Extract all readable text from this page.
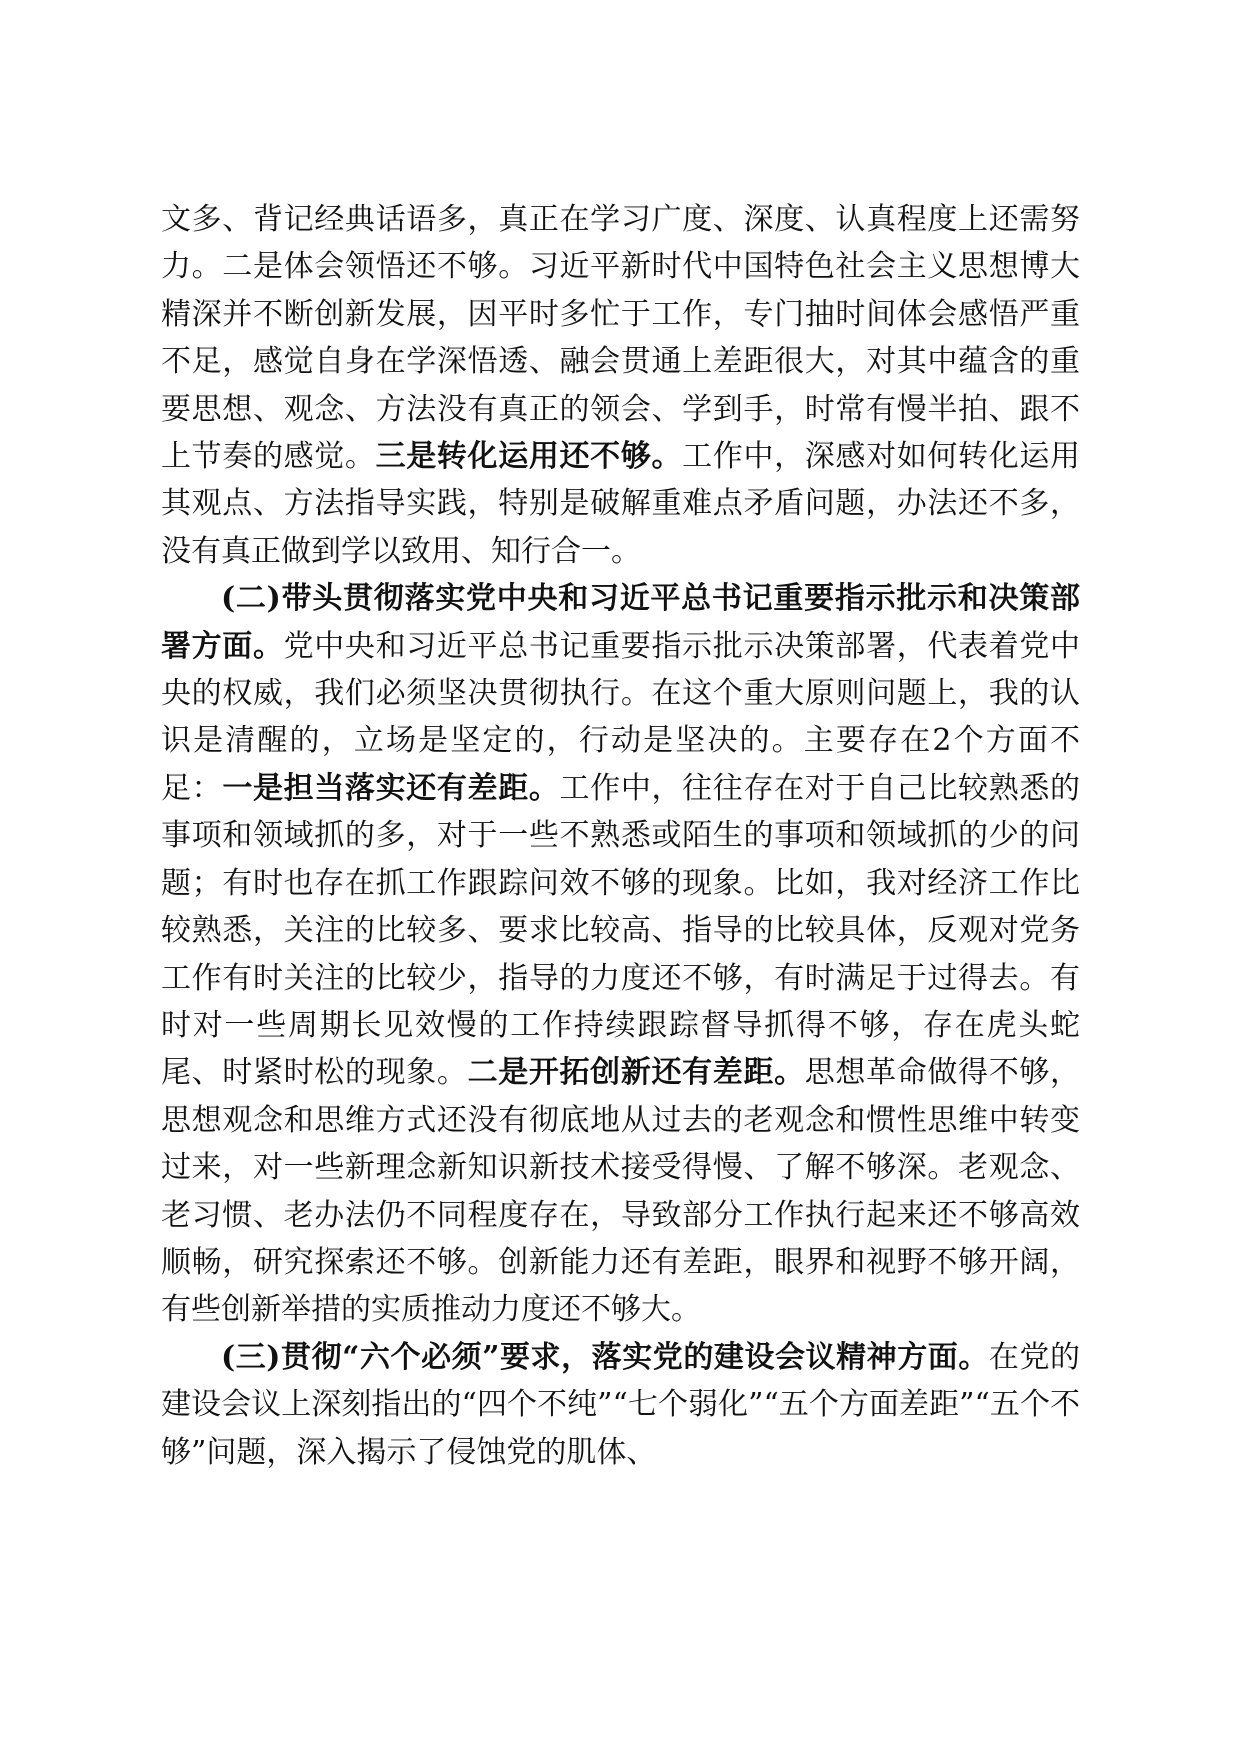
文多、背记经典话语多，真正在学习广度、深度、认真程度上还需努力。二是体会领悟还不够。习近平新时代中国特色社会主义思想博大精深并不断创新发展，因平时多忙于工作，专门抽时间体会感悟严重不足，感觉自身在学深悟透、融会贯通上差距很大，对其中蕴含的重要思想、观念、方法没有真正的领会、学到手，时常有慢半拍、跟不上节奏的感觉。三是转化运用还不够。工作中，深感对如何转化运用其观点、方法指导实践，特别是破解重难点矛盾问题，办法还不多，没有真正做到学以致用、知行合一。

(二)带头贯彻落实党中央和习近平总书记重要指示批示和决策部署方面。党中央和习近平总书记重要指示批示决策部署，代表着党中央的权威，我们必须坚决贯彻执行。在这个重大原则问题上，我的认识是清醒的，立场是坚定的，行动是坚决的。主要存在2个方面不足：一是担当落实还有差距。工作中，往往存在对于自己比较熟悉的事项和领域抓的多，对于一些不熟悉或陌生的事项和领域抓的少的问题；有时也存在抓工作跟踪问效不够的现象。比如，我对经济工作比较熟悉，关注的比较多、要求比较高、指导的比较具体，反观对党务工作有时关注的比较少，指导的力度还不够，有时满足于过得去。有时对一些周期长见效慢的工作持续跟踪督导抓得不够，存在虎头蛇尾、时紧时松的现象。二是开拓创新还有差距。思想革命做得不够，思想观念和思维方式还没有彻底地从过去的老观念和惯性思维中转变过来，对一些新理念新知识新技术接受得慢、了解不够深。老观念、老习惯、老办法仍不同程度存在，导致部分工作执行起来还不够高效顺畅，研究探索还不够。创新能力还有差距，眼界和视野不够开阔，有些创新举措的实质推动力度还不够大。

(三)贯彻“六个必须”要求，落实党的建设会议精神方面。在党的建设会议上深刻指出的“四个不纯”“七个弱化”“五个方面差距”“五个不够”问题，深入揭示了侵蚀党的肌体、
